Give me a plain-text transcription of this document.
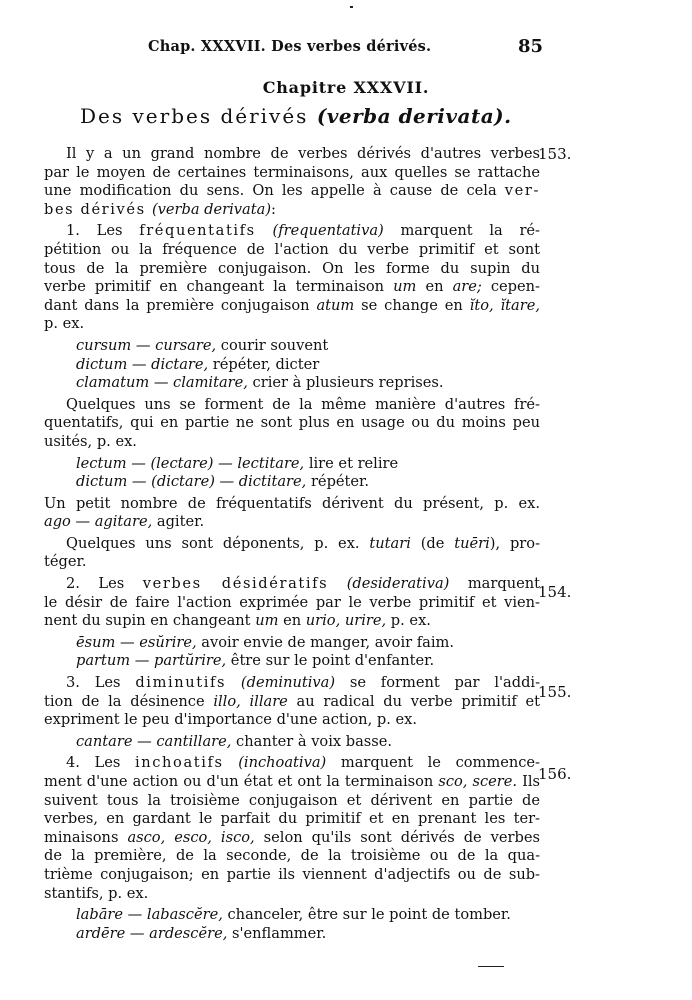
Chap. XXXVII. Des verbes dérivés.	85
Chapitre XXXVII.
Des verbes dérivés (verba derivata).
Il y a un grand nombre de verbes dérivés d'autres verbes
par le moyen de certaines terminaisons, aux quelles se rattache
une modification du sens. On les appelle à cause de cela ver-
bes dérivés (verba derivata):
1. Les fréquentatifs (frequentativa) marquent la ré-
pétition ou la fréquence de l'action du verbe primitif et sont
tous de la première conjugaison. On les forme du supin du
verbe primitif en changeant la terminaison um en are; cepen-
dant dans la première conjugaison atum se change en ĭto, ĭtare,
p. ex.
cursum — cursare, courir souvent
dictum — dictare, répéter, dicter
clamatum — clamitare, crier à plusieurs reprises.
Quelques uns se forment de la même manière d'autres fré-
quentatifs, qui en partie ne sont plus en usage ou du moins peu
usités, p. ex.
lectum — (lectare) — lectitare, lire et relire
dictum — (dictare) — dictitare, répéter.
Un petit nombre de fréquentatifs dérivent du présent, p. ex.
ago — agitare, agiter.
Quelques uns sont déponents, p. ex. tutari (de tuēri), pro-
téger.
2. Les verbes désidératifs (desiderativa) marquent
le désir de faire l'action exprimée par le verbe primitif et vien-
nent du supin en changeant um en urio, urire, p. ex.
ēsum — esŭrire, avoir envie de manger, avoir faim.
partum — partŭrire, être sur le point d'enfanter.
3. Les diminutifs (deminutiva) se forment par l'addi-
tion de la désinence illo, illare au radical du verbe primitif et
expriment le peu d'importance d'une action, p. ex.
cantare — cantillare, chanter à voix basse.
4. Les inchoatifs (inchoativa) marquent le commence-
ment d'une action ou d'un état et ont la terminaison sco, scere. Ils
suivent tous la troisième conjugaison et dérivent en partie de
verbes, en gardant le parfait du primitif et en prenant les ter-
minaisons asco, esco, isco, selon qu'ils sont dérivés de verbes
de la première, de la seconde, de la troisième ou de la qua-
trième conjugaison; en partie ils viennent d'adjectifs ou de sub-
stantifs, p. ex.
labāre — labascĕre, chanceler, être sur le point de tomber.
ardēre — ardescĕre, s'enflammer.
153.
154.
155.
156.
